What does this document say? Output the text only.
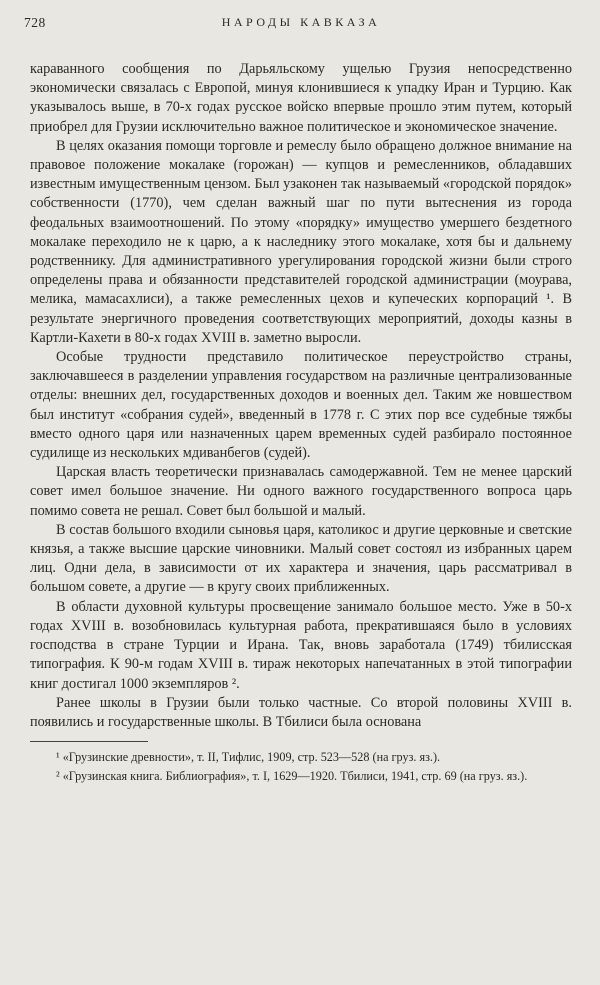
728	НАРОДЫ КАВКАЗА

караванного сообщения по Дарьяльскому ущелью Грузия непосредственно экономически связалась с Европой, минуя клонившиеся к упадку Иран и Турцию. Как указывалось выше, в 70-х годах русское войско впервые прошло этим путем, который приобрел для Грузии исключительно важное политическое и экономическое значение.

В целях оказания помощи торговле и ремеслу было обращено должное внимание на правовое положение мокалаке (горожан) — купцов и ремесленников, обладавших известным имущественным цензом. Был узаконен так называемый «городской порядок» собственности (1770), чем сделан важный шаг по пути вытеснения из города феодальных взаимоотношений. По этому «порядку» имущество умершего бездетного мокалаке переходило не к царю, а к наследнику этого мокалаке, хотя бы и дальнему родственнику. Для административного урегулирования городской жизни были строго определены права и обязанности представителей городской администрации (моурава, мелика, мамасахлиси), а также ремесленных цехов и купеческих корпораций ¹. В результате энергичного проведения соответствующих мероприятий, доходы казны в Картли-Кахети в 80-х годах XVIII в. заметно выросли.

Особые трудности представило политическое переустройство страны, заключавшееся в разделении управления государством на различные централизованные отделы: внешних дел, государственных доходов и военных дел. Таким же новшеством был институт «собрания судей», введенный в 1778 г. С этих пор все судебные тяжбы вместо одного царя или назначенных царем временных судей разбирало постоянное судилище из нескольких мдиванбегов (судей).

Царская власть теоретически признавалась самодержавной. Тем не менее царский совет имел большое значение. Ни одного важного государственного вопроса царь помимо совета не решал. Совет был большой и малый.

В состав большого входили сыновья царя, католикос и другие церковные и светские князья, а также высшие царские чиновники. Малый совет состоял из избранных царем лиц. Одни дела, в зависимости от их характера и значения, царь рассматривал в большом совете, а другие — в кругу своих приближенных.

В области духовной культуры просвещение занимало большое место. Уже в 50-х годах XVIII в. возобновилась культурная работа, прекратившаяся было в условиях господства в стране Турции и Ирана. Так, вновь заработала (1749) тбилисская типография. К 90-м годам XVIII в. тираж некоторых напечатанных в этой типографии книг достигал 1000 экземпляров ².

Ранее школы в Грузии были только частные. Со второй половины XVIII в. появились и государственные школы. В Тбилиси была основана

¹ «Грузинские древности», т. II, Тифлис, 1909, стр. 523—528 (на груз. яз.).

² «Грузинская книга. Библиография», т. I, 1629—1920. Тбилиси, 1941, стр. 69 (на груз. яз.).
